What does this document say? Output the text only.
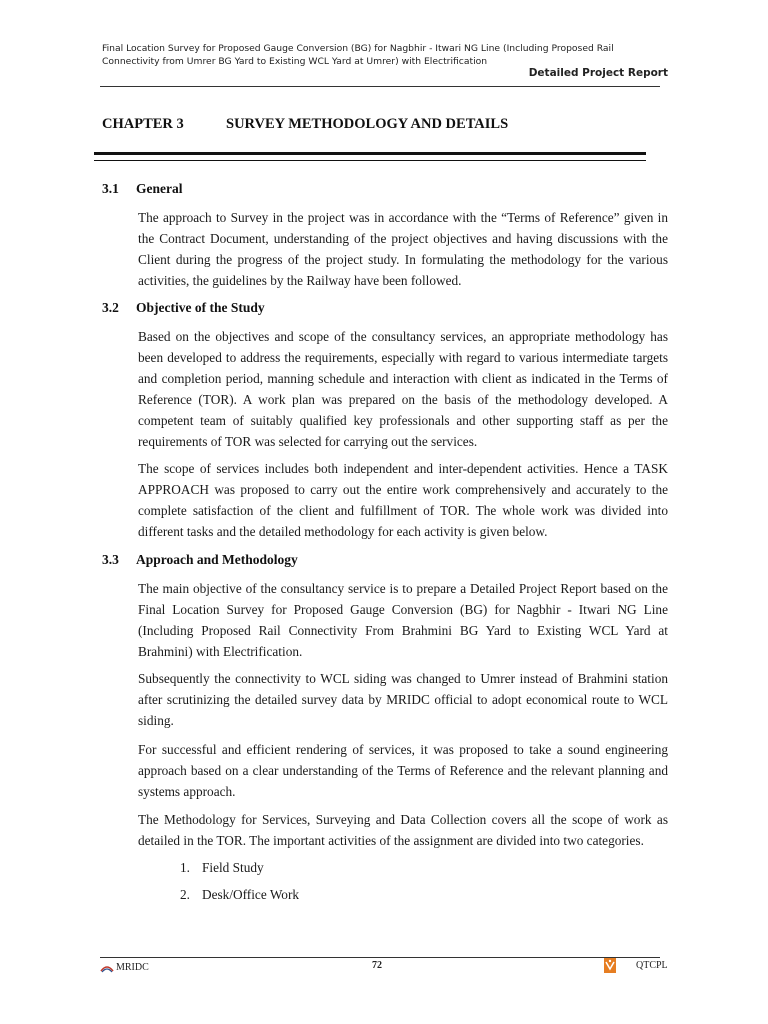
Final Location Survey for Proposed Gauge Conversion (BG) for Nagbhir - Itwari NG Line (Including Proposed Rail Connectivity from Umrer BG Yard to Existing WCL Yard at Umrer) with Electrification
Detailed Project Report
CHAPTER 3	SURVEY METHODOLOGY AND DETAILS
3.1 General
The approach to Survey in the project was in accordance with the “Terms of Reference” given in the Contract Document, understanding of the project objectives and having discussions with the Client during the progress of the project study. In formulating the methodology for the various activities, the guidelines by the Railway have been followed.
3.2 Objective of the Study
Based on the objectives and scope of the consultancy services, an appropriate methodology has been developed to address the requirements, especially with regard to various intermediate targets and completion period, manning schedule and interaction with client as indicated in the Terms of Reference (TOR). A work plan was prepared on the basis of the methodology developed. A competent team of suitably qualified key professionals and other supporting staff as per the requirements of TOR was selected for carrying out the services.
The scope of services includes both independent and inter-dependent activities. Hence a TASK APPROACH was proposed to carry out the entire work comprehensively and accurately to the complete satisfaction of the client and fulfillment of TOR. The whole work was divided into different tasks and the detailed methodology for each activity is given below.
3.3 Approach and Methodology
The main objective of the consultancy service is to prepare a Detailed Project Report based on the Final Location Survey for Proposed Gauge Conversion (BG) for Nagbhir - Itwari NG Line (Including Proposed Rail Connectivity From Brahmini BG Yard to Existing WCL Yard at Brahmini) with Electrification.
Subsequently the connectivity to WCL siding was changed to Umrer instead of Brahmini station after scrutinizing the detailed survey data by MRIDC official to adopt economical route to WCL siding.
For successful and efficient rendering of services, it was proposed to take a sound engineering approach based on a clear understanding of the Terms of Reference and the relevant planning and systems approach.
The Methodology for Services, Surveying and Data Collection covers all the scope of work as detailed in the TOR. The important activities of the assignment are divided into two categories.
1. Field Study
2. Desk/Office Work
MRIDC	72	QTCPL
